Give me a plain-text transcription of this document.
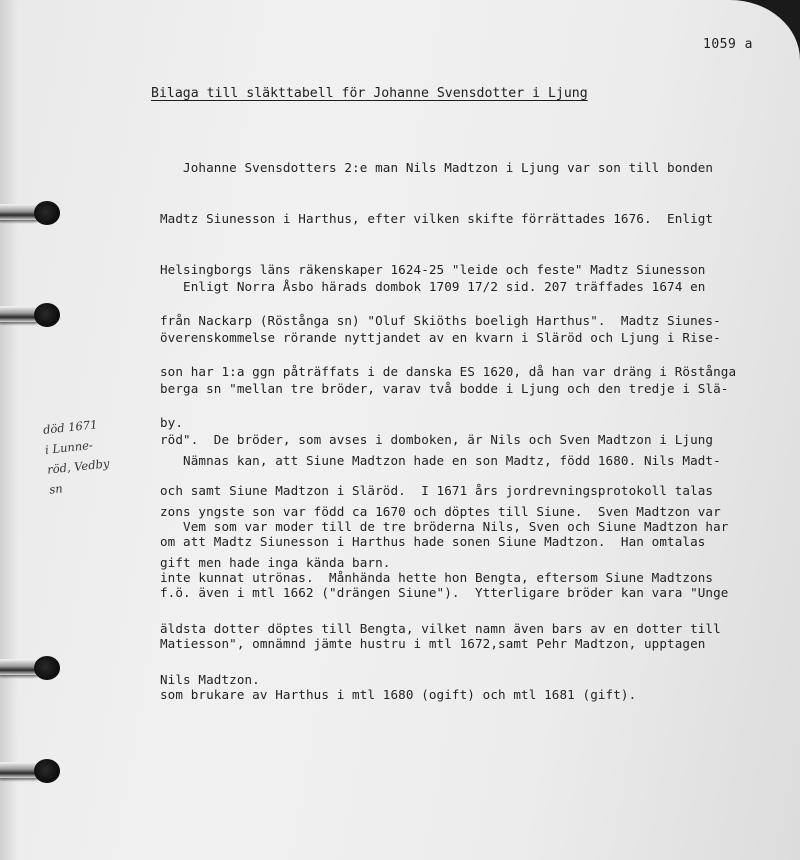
1059 a
Bilaga till släkttabell för Johanne Svensdotter i Ljung

Johanne Svensdotters 2:e man Nils Madtzon i Ljung var son till bonden

Madtz Siunesson i Harthus, efter vilken skifte förrättades 1676.  Enligt

Helsingborgs läns räkenskaper 1624-25 "leide och feste" Madtz Siunesson

från Nackarp (Röstånga sn) "Oluf Skiöths boeligh Harthus".  Madtz Siunes-

son har 1:a ggn påträffats i de danska ES 1620, då han var dräng i Röstånga

by.

Enligt Norra Åsbo härads dombok 1709 17/2 sid. 207 träffades 1674 en

överenskommelse rörande nyttjandet av en kvarn i Släröd och Ljung i Rise-

berga sn "mellan tre bröder, varav två bodde i Ljung och den tredje i Slä-

röd".  De bröder, som avses i domboken, är Nils och Sven Madtzon i Ljung

och samt Siune Madtzon i Släröd.  I 1671 års jordrevningsprotokoll talas

om att Madtz Siunesson i Harthus hade sonen Siune Madtzon.  Han omtalas

f.ö. även i mtl 1662 ("drängen Siune").  Ytterligare bröder kan vara "Unge

Matiesson", omnämnd jämte hustru i mtl 1672,samt Pehr Madtzon, upptagen

som brukare av Harthus i mtl 1680 (ogift) och mtl 1681 (gift).

Nämnas kan, att Siune Madtzon hade en son Madtz, född 1680. Nils Madt-

zons yngste son var född ca 1670 och döptes till Siune.  Sven Madtzon var

gift men hade inga kända barn.

Vem som var moder till de tre bröderna Nils, Sven och Siune Madtzon har

inte kunnat utrönas.  Månhända hette hon Bengta, eftersom Siune Madtzons

äldsta dotter döptes till Bengta, vilket namn även bars av en dotter till

Nils Madtzon.

död 1671
i Lunne-
röd, Vedby
sn
